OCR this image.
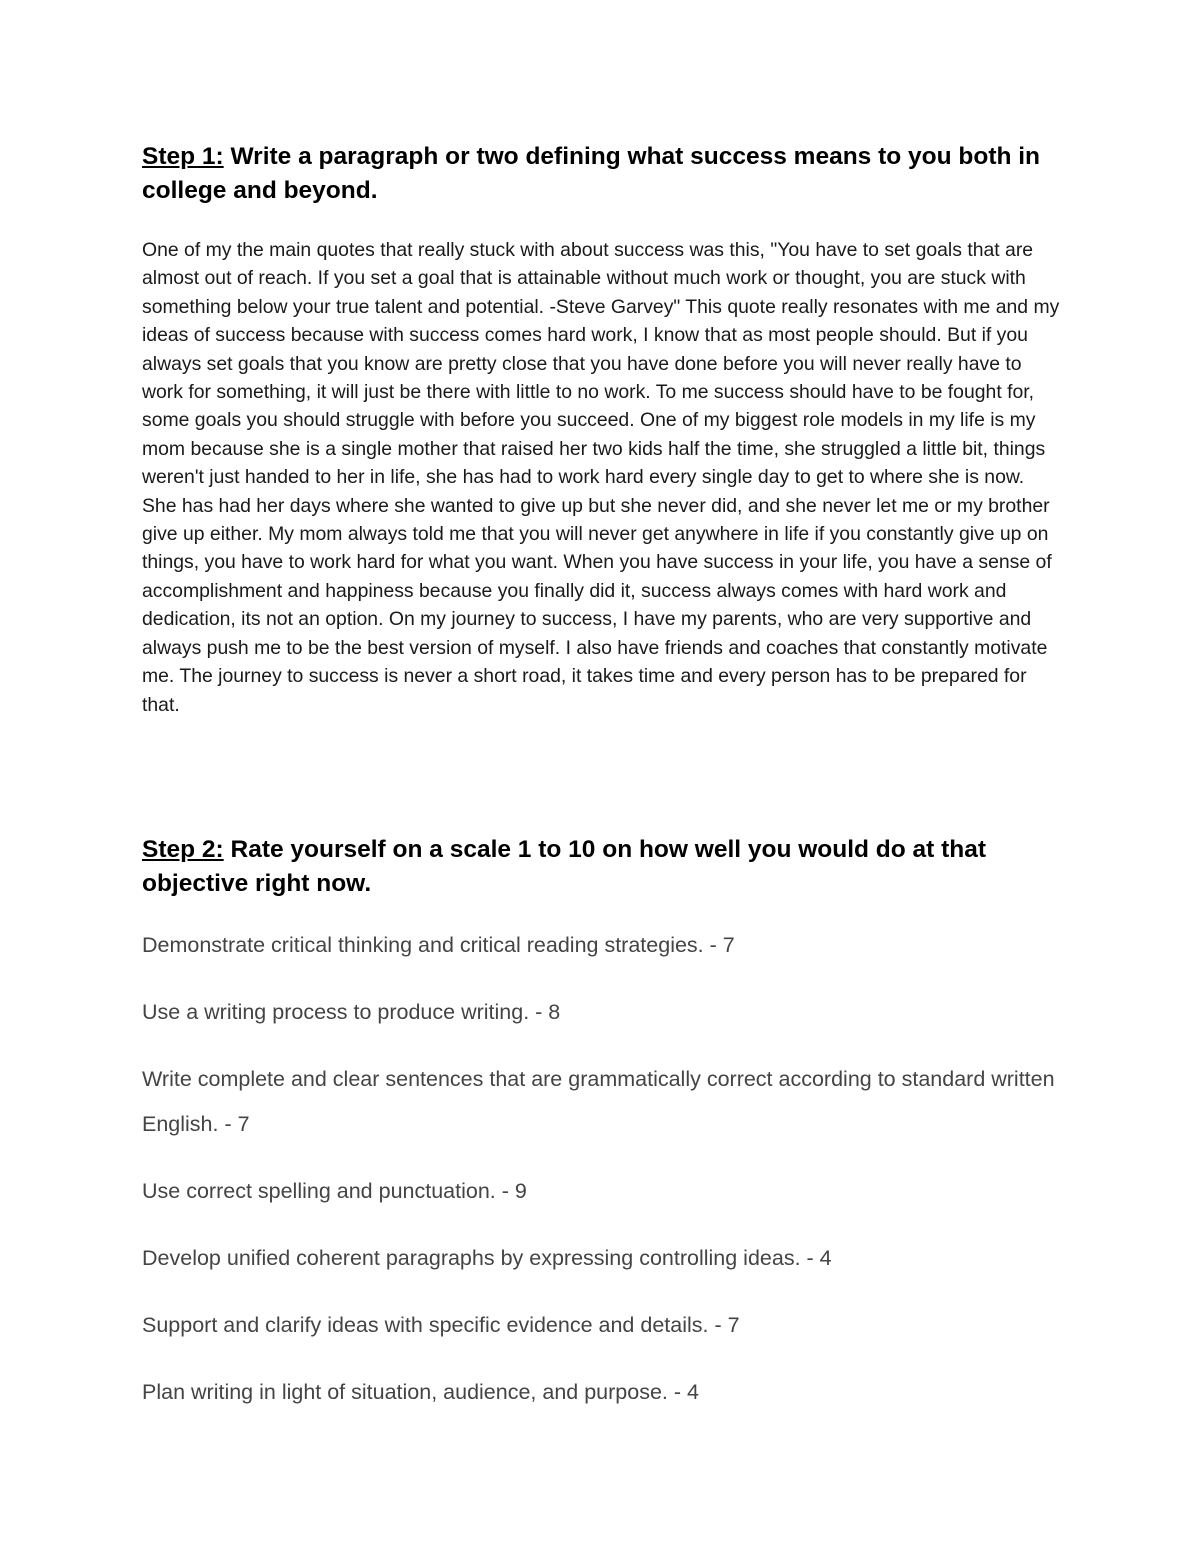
Step 1: Write a paragraph or two defining what success means to you both in college and beyond.

One of my the main quotes that really stuck with about success was this, "You have to set goals that are almost out of reach. If you set a goal that is attainable without much work or thought, you are stuck with something below your true talent and potential. -Steve Garvey" This quote really resonates with me and my ideas of success because with success comes hard work, I know that as most people should. But if you always set goals that you know are pretty close that you have done before you will never really have to work for something, it will just be there with little to no work. To me success should have to be fought for, some goals you should struggle with before you succeed. One of my biggest role models in my life is my mom because she is a single mother that raised her two kids half the time, she struggled a little bit, things weren't just handed to her in life, she has had to work hard every single day to get to where she is now. She has had her days where she wanted to give up but she never did, and she never let me or my brother give up either. My mom always told me that you will never get anywhere in life if you constantly give up on things, you have to work hard for what you want. When you have success in your life, you have a sense of accomplishment and happiness because you finally did it, success always comes with hard work and dedication, its not an option. On my journey to success, I have my parents, who are very supportive and always push me to be the best version of myself. I also have friends and coaches that constantly motivate me. The journey to success is never a short road, it takes time and every person has to be prepared for that.

Step 2: Rate yourself on a scale 1 to 10 on how well you would do at that objective right now.
Demonstrate critical thinking and critical reading strategies. - 7
Use a writing process to produce writing. - 8
Write complete and clear sentences that are grammatically correct according to standard written English. - 7
Use correct spelling and punctuation. - 9
Develop unified coherent paragraphs by expressing controlling ideas. - 4
Support and clarify ideas with specific evidence and details. - 7
Plan writing in light of situation, audience, and purpose. - 4
